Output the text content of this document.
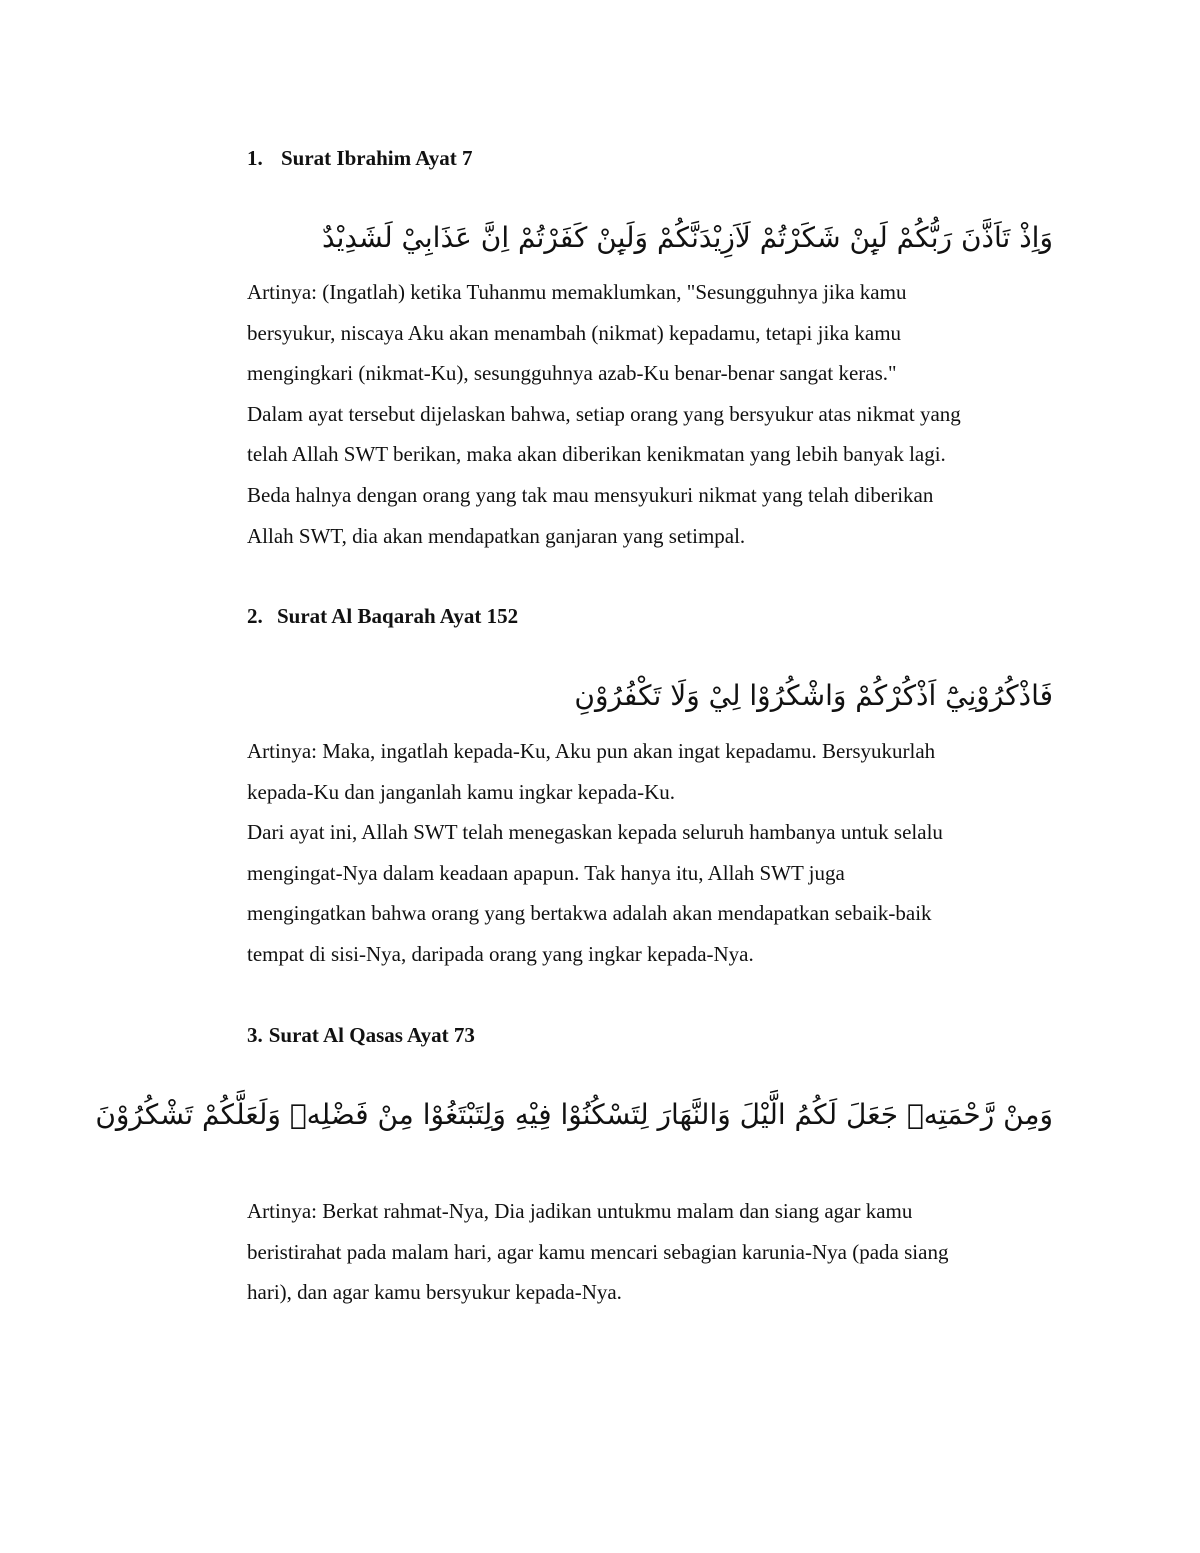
1. Surat Ibrahim Ayat 7
وَاِذْ تَاَذَّنَ رَبُّكُمْ لَىِٕنْ شَكَرْتُمْ لَاَزِيْدَنَّكُمْ وَلَىِٕنْ كَفَرْتُمْ اِنَّ عَذَابِيْ لَشَدِيْدٌ
Artinya: (Ingatlah) ketika Tuhanmu memaklumkan, "Sesungguhnya jika kamu
bersyukur, niscaya Aku akan menambah (nikmat) kepadamu, tetapi jika kamu
mengingkari (nikmat-Ku), sesungguhnya azab-Ku benar-benar sangat keras."
Dalam ayat tersebut dijelaskan bahwa, setiap orang yang bersyukur atas nikmat yang
telah Allah SWT berikan, maka akan diberikan kenikmatan yang lebih banyak lagi.
Beda halnya dengan orang yang tak mau mensyukuri nikmat yang telah diberikan
Allah SWT, dia akan mendapatkan ganjaran yang setimpal.
2. Surat Al Baqarah Ayat 152
فَاذْكُرُوْنِيْٓ اَذْكُرْكُمْ وَاشْكُرُوْا لِيْ وَلَا تَكْفُرُوْنِ
Artinya: Maka, ingatlah kepada-Ku, Aku pun akan ingat kepadamu. Bersyukurlah
kepada-Ku dan janganlah kamu ingkar kepada-Ku.
Dari ayat ini, Allah SWT telah menegaskan kepada seluruh hambanya untuk selalu
mengingat-Nya dalam keadaan apapun. Tak hanya itu, Allah SWT juga
mengingatkan bahwa orang yang bertakwa adalah akan mendapatkan sebaik-baik
tempat di sisi-Nya, daripada orang yang ingkar kepada-Nya.
3. Surat Al Qasas Ayat 73
وَمِنْ رَّحْمَتِهٖ جَعَلَ لَكُمُ الَّيْلَ وَالنَّهَارَ لِتَسْكُنُوْا فِيْهِ وَلِتَبْتَغُوْا مِنْ فَضْلِهٖ وَلَعَلَّكُمْ تَشْكُرُوْنَ
Artinya: Berkat rahmat-Nya, Dia jadikan untukmu malam dan siang agar kamu
beristirahat pada malam hari, agar kamu mencari sebagian karunia-Nya (pada siang
hari), dan agar kamu bersyukur kepada-Nya.
